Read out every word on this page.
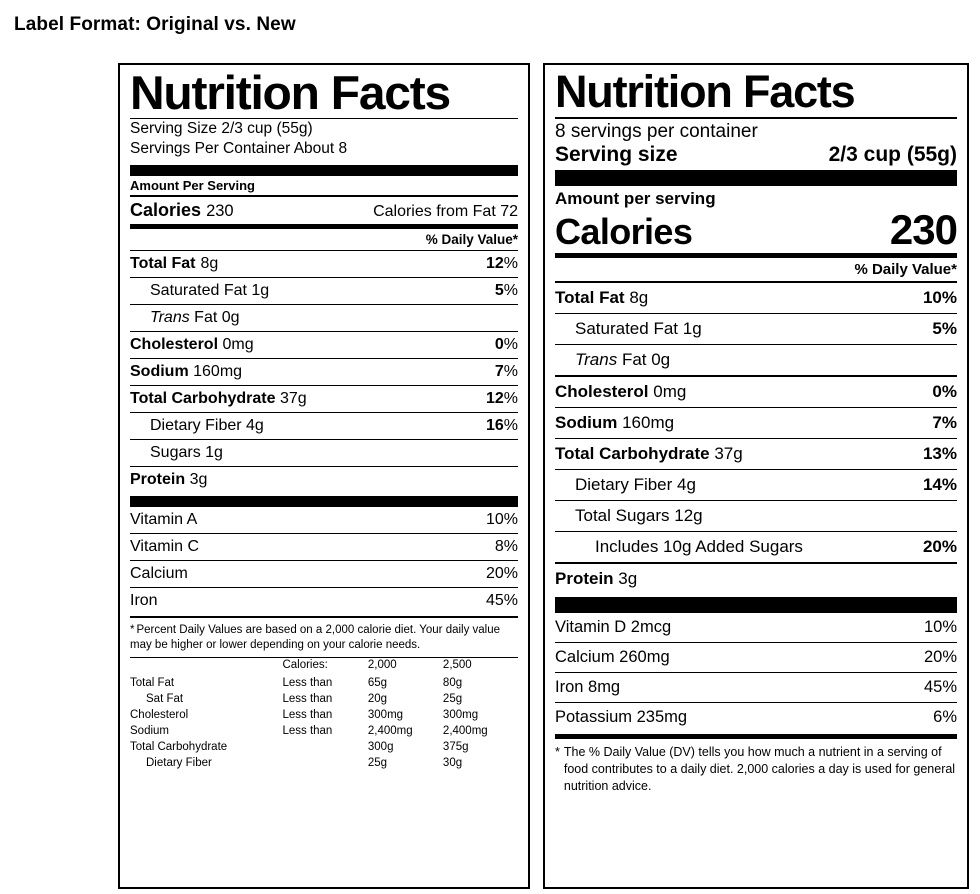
Label Format: Original vs. New
Nutrition Facts
Serving Size 2/3 cup (55g)
Servings Per Container About 8
Amount Per Serving
Calories 230	Calories from Fat 72
% Daily Value*
Total Fat 8g	12%
Saturated Fat 1g	5%
Trans Fat 0g
Cholesterol 0mg	0%
Sodium 160mg	7%
Total Carbohydrate 37g	12%
Dietary Fiber 4g	16%
Sugars 1g
Protein 3g
Vitamin A	10%
Vitamin C	8%
Calcium	20%
Iron	45%
* Percent Daily Values are based on a 2,000 calorie diet. Your daily value may be higher or lower depending on your calorie needs.
	Calories:	2,000	2,500
Total Fat	Less than	65g	80g
Sat Fat	Less than	20g	25g
Cholesterol	Less than	300mg	300mg
Sodium	Less than	2,400mg	2,400mg
Total Carbohydrate		300g	375g
Dietary Fiber		25g	30g
Nutrition Facts
8 servings per container
Serving size	2/3 cup (55g)
Amount per serving
Calories	230
% Daily Value*
Total Fat 8g	10%
Saturated Fat 1g	5%
Trans Fat 0g
Cholesterol 0mg	0%
Sodium 160mg	7%
Total Carbohydrate 37g	13%
Dietary Fiber 4g	14%
Total Sugars 12g
Includes 10g Added Sugars	20%
Protein 3g
Vitamin D 2mcg	10%
Calcium 260mg	20%
Iron 8mg	45%
Potassium 235mg	6%
* The % Daily Value (DV) tells you how much a nutrient in a serving of food contributes to a daily diet. 2,000 calories a day is used for general nutrition advice.
